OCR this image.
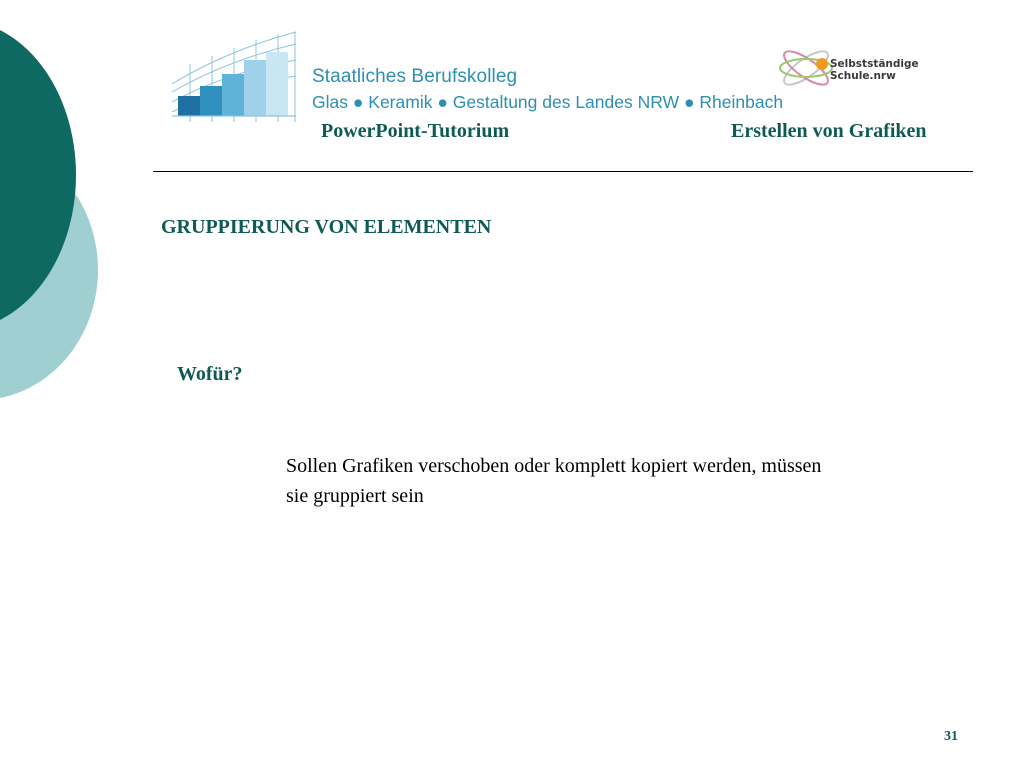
Staatliches Berufskolleg
Glas ● Keramik ● Gestaltung des Landes NRW ● Rheinbach
Selbstständige
Schule.nrw
PowerPoint-Tutorium	Erstellen von Grafiken
GRUPPIERUNG VON ELEMENTEN
Wofür?
Sollen Grafiken verschoben oder komplett kopiert werden, müssen sie gruppiert sein
31
